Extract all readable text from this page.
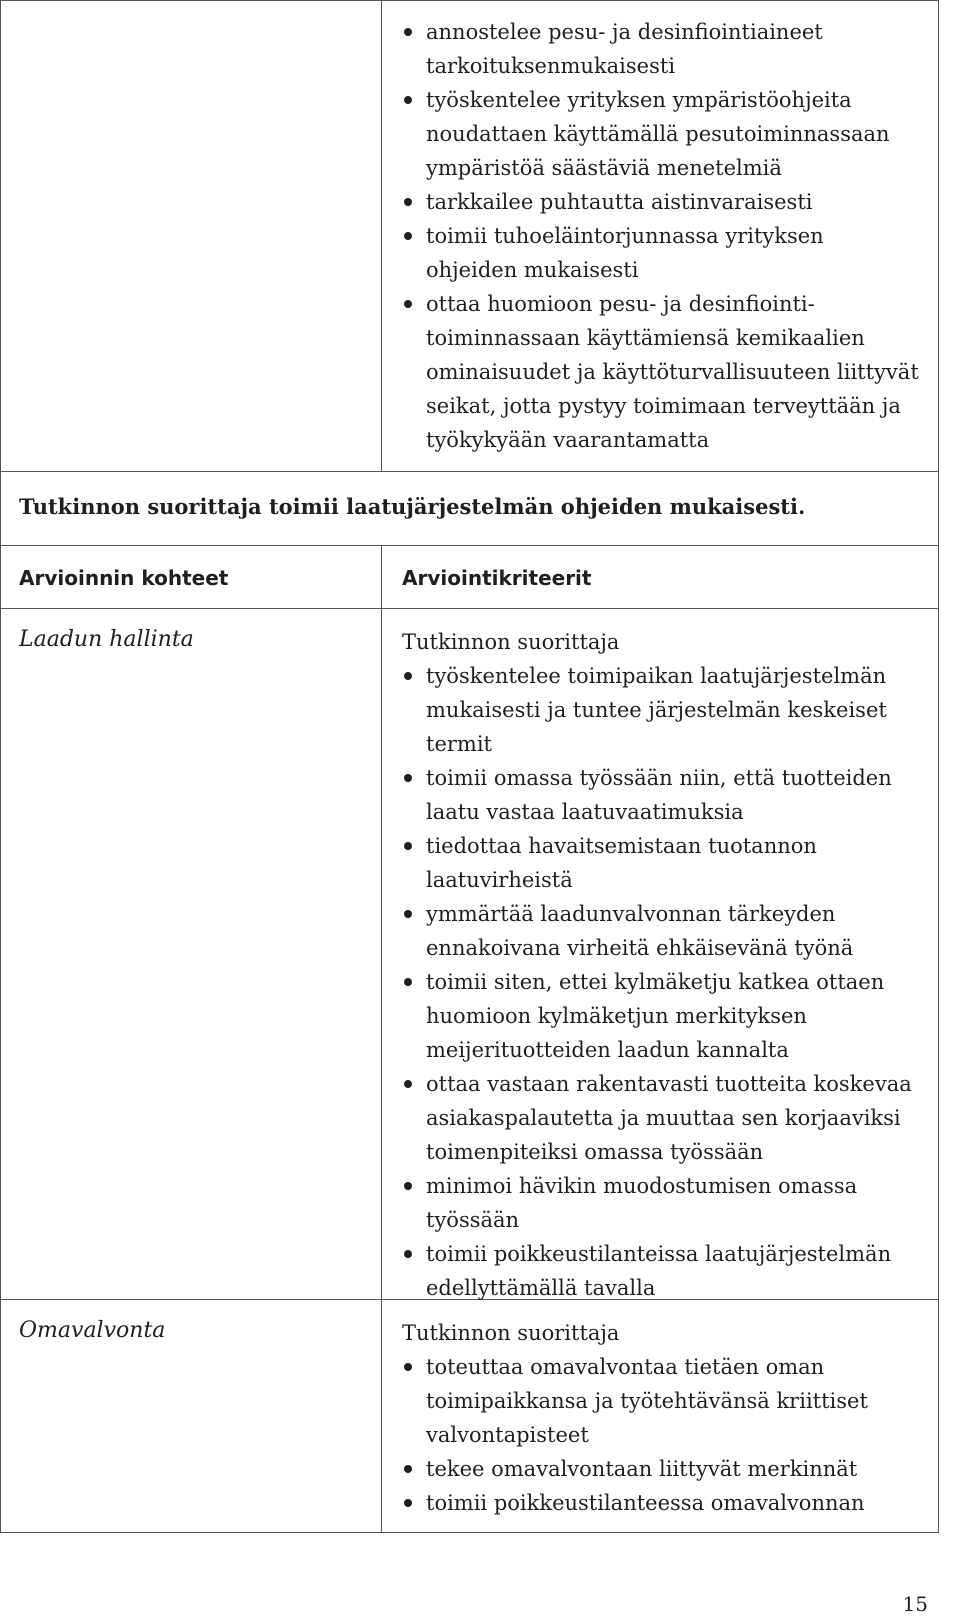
annostelee pesu- ja desinfiointiaineet tarkoituksenmukaisesti
työskentelee yrityksen ympäristöohjeita noudattaen käyttämällä pesutoiminnassaan ympäristöä säästäviä menetelmiä
tarkkailee puhtautta aistinvaraisesti
toimii tuhoeläintorjunnassa yrityksen ohjeiden mukaisesti
ottaa huomioon pesu- ja desinfiointi-toiminnassaan käyttämiensä kemikaalien ominaisuudet ja käyttöturvallisuuteen liittyvät seikat, jotta pystyy toimimaan terveyttään ja työkykyään vaarantamatta
Tutkinnon suorittaja toimii laatujärjestelmän ohjeiden mukaisesti.
Arvioinnin kohteet	Arviointikriteerit
Laadun hallinta	Tutkinnon suorittaja
työskentelee toimipaikan laatujärjestelmän mukaisesti ja tuntee järjestelmän keskeiset termit
toimii omassa työssään niin, että tuotteiden laatu vastaa laatuvaatimuksia
tiedottaa havaitsemistaan tuotannon laatuvirheistä
ymmärtää laadunvalvonnan tärkeyden ennakoivana virheitä ehkäisevänä työnä
toimii siten, ettei kylmäketju katkea ottaen huomioon kylmäketjun merkityksen meijerituotteiden laadun kannalta
ottaa vastaan rakentavasti tuotteita koskevaa asiakaspalautetta ja muuttaa sen korjaaviksi toimenpiteiksi omassa työssään
minimoi hävikin muodostumisen omassa työssään
toimii poikkeustilanteissa laatujärjestelmän edellyttämällä tavalla
Omavalvonta	Tutkinnon suorittaja
toteuttaa omavalvontaa tietäen oman toimipaikkansa ja työtehtävänsä kriittiset valvontapisteet
tekee omavalvontaan liittyvät merkinnät
toimii poikkeustilanteessa omavalvonnan
15
